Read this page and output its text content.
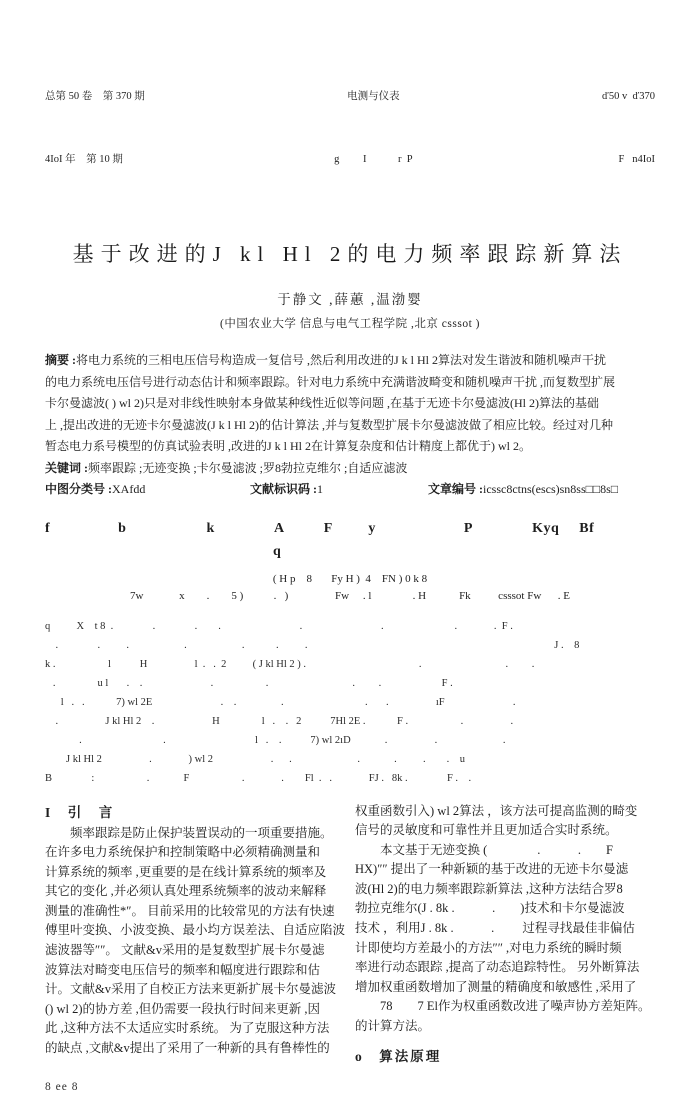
总第 50 卷　第 370 期

4IoI 年　第 10 期

电测与仪表

g         I            r  P

ď50 v  ď370

F   n4IoI

基于改进的J kl Hl 2的电力频率跟踪新算法
于静文 ,薛蕙 ,温渤婴
(中国农业大学 信息与电气工程学院 ,北京 csssot )
摘要 :将电力系统的三相电压信号构造成一复信号 ,然后利用改进的J k l Hl 2算法对发生谐波和随机噪声干扰
的电力系统电压信号进行动态估计和频率跟踪。针对电力系统中充满谐波畸变和随机噪声干扰 ,而复数型扩展
卡尔曼滤波( ) wl 2)只是对非线性映射本身做某种线性近似等问题 ,在基于无迹卡尔曼滤波(Hl 2)算法的基础
上 ,提出改进的无迹卡尔曼滤波(J k l Hl 2)的估计算法 ,并与复数型扩展卡尔曼滤波做了相应比较。经过对几种
暂态电力系号模型的仿真试验表明 ,改进的J k l Hl 2在计算复杂度和估计精度上都优于) wl 2。
关键词 :频率跟踪 ;无迹变换 ;卡尔曼滤波 ;罗8勃拉克维尔 ;自适应滤波
中图分类号 :XAfdd	文献标识码 :1	文章编号 :icssc8ctns(escs)sn8ss□□8s□
f                 b                    k               A          F         y                      P               Kyq     Bf
q
( H p    8       Fy H )  4    FN ) 0 k 8
7w             x        .        5 )           .   )                 Fw     . l               . H            Fk          csssot Fw      . E
q          X    t 8  .               .               .        .                              .                              .                           .              .  F .
.               .          .                     .                     .            .          .                                                                                              J .    8
k .                    l           H                  l  .   .  2          ( J kl Hl 2 ) .                                           .                                .         .
.                u l       .    .                          .                    .                                .         .                       F .
l   .   .            7) wl 2E                          .    .                 .                               .       .                  ıF                          .
.                  J kl Hl 2    .                      H                l   .    .   2           7Hl 2E .            F .                    .                  .
.                               .                                  l   .    .           7) wl 2ıD             .                  .                         .
J kl Hl 2                  .              ) wl 2                      .      .                         .             .          .        .    u
B               :                    .             F                    .              .        Fl  .   .              FJ .   8k .               F .    .
I　引　言
频率跟踪是防止保护装置误动的一项重要措施。
在许多电力系统保护和控制策略中必须精确测量和
计算系统的频率 ,更重要的是在线计算系统的频率及
其它的变化 ,并必须认真处理系统频率的波动来解释
测量的准确性*″。 目前采用的比较常见的方法有快速
傅里叶变换、小波变换、最小均方误差法、自适应陷波
滤波器等″″。 文献&v采用的是复数型扩展卡尔曼滤
波算法对畸变电压信号的频率和幅度进行跟踪和估
计。文献&v采用了自校正方法来更新扩展卡尔曼滤波
() wl 2)的协方差 ,但仍需要一段执行时间来更新 ,因
此 ,这种方法不太适应实时系统。 为了克服这种方法
的缺点 ,文献&v提出了采用了一种新的具有鲁棒性的
权重函数引入) wl 2算法 ，该方法可提高监测的畸变
信号的灵敏度和可靠性并且更加适合实时系统。
本文基于无迹变换 (　　　　.　　　.　　F
HX)″″ 提出了一种新颖的基于改进的无迹卡尔曼滤
波(Hl 2)的电力频率跟踪新算法 ,这种方法结合罗8
勃拉克维尔(J . 8k .　　　.　　)技术和卡尔曼滤波
技术 ，利用J . 8k .　　　.　　 过程寻找最佳非偏估
计即使均方差最小的方法″″ ,对电力系统的瞬时频
率进行动态跟踪 ,提高了动态追踪特性。 另外断算法
增加权重函数增加了测量的精确度和敏感性 ,采用了
78　　7 El作为权重函数改进了噪声协方差矩阵。
的计算方法。
o　算法原理
8 ee 8
